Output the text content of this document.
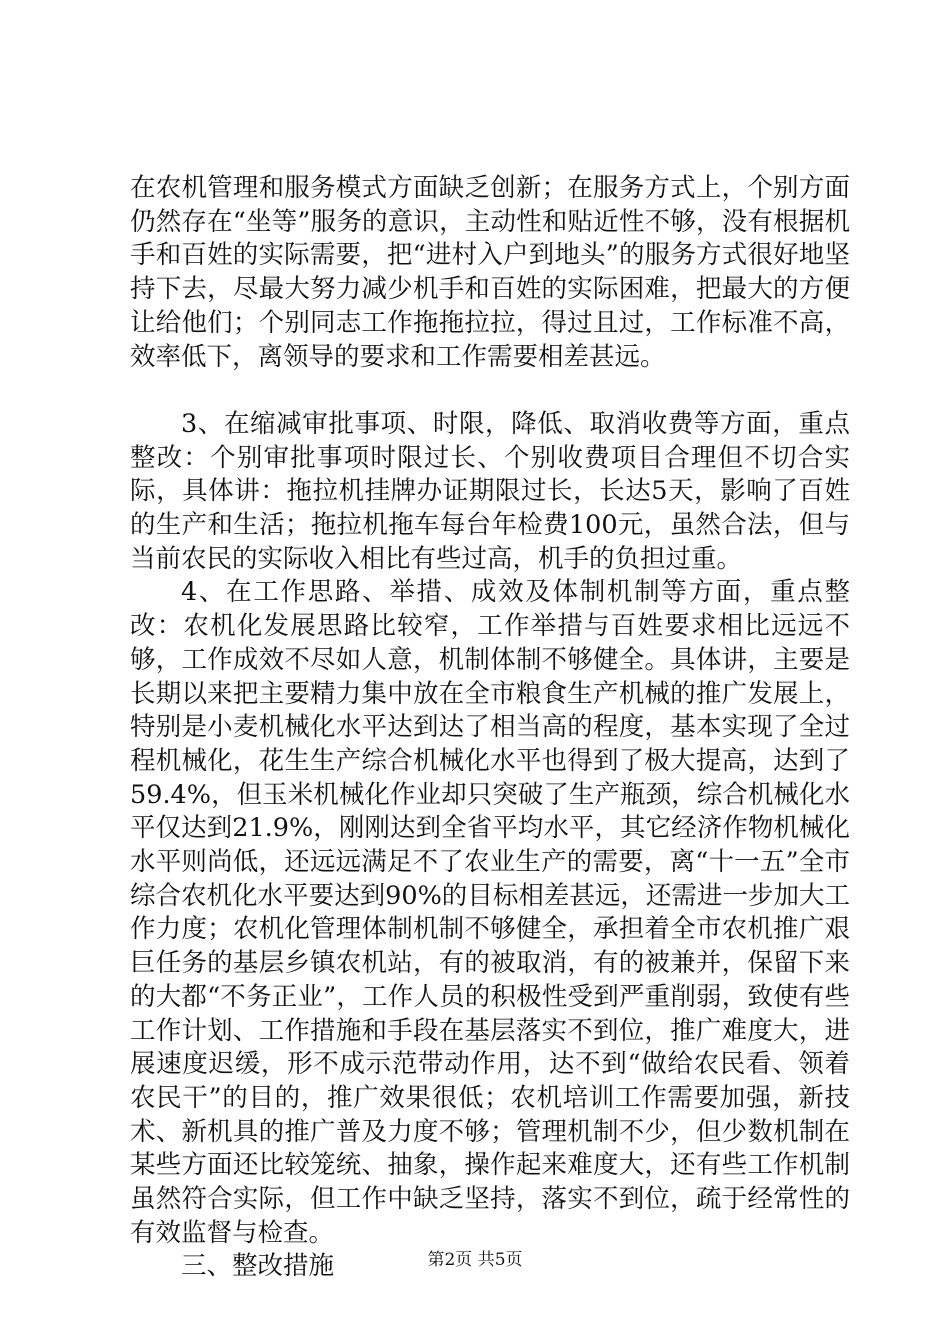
在农机管理和服务模式方面缺乏创新；在服务方式上，个别方面仍然存在“坐等”服务的意识，主动性和贴近性不够，没有根据机手和百姓的实际需要，把“进村入户到地头”的服务方式很好地坚持下去，尽最大努力减少机手和百姓的实际困难，把最大的方便让给他们；个别同志工作拖拖拉拉，得过且过，工作标准不高，效率低下，离领导的要求和工作需要相差甚远。

3、在缩减审批事项、时限，降低、取消收费等方面，重点整改：个别审批事项时限过长、个别收费项目合理但不切合实际，具体讲：拖拉机挂牌办证期限过长，长达5天，影响了百姓的生产和生活；拖拉机拖车每台年检费100元，虽然合法，但与当前农民的实际收入相比有些过高，机手的负担过重。

4、在工作思路、举措、成效及体制机制等方面，重点整改：农机化发展思路比较窄，工作举措与百姓要求相比远远不够，工作成效不尽如人意，机制体制不够健全。具体讲，主要是长期以来把主要精力集中放在全市粮食生产机械的推广发展上，特别是小麦机械化水平达到达了相当高的程度，基本实现了全过程机械化，花生生产综合机械化水平也得到了极大提高，达到了59.4%，但玉米机械化作业却只突破了生产瓶颈，综合机械化水平仅达到21.9%，刚刚达到全省平均水平，其它经济作物机械化水平则尚低，还远远满足不了农业生产的需要，离“十一五”全市综合农机化水平要达到90%的目标相差甚远，还需进一步加大工作力度；农机化管理体制机制不够健全，承担着全市农机推广艰巨任务的基层乡镇农机站，有的被取消，有的被兼并，保留下来的大都“不务正业”，工作人员的积极性受到严重削弱，致使有些工作计划、工作措施和手段在基层落实不到位，推广难度大，进展速度迟缓，形不成示范带动作用，达不到“做给农民看、领着农民干”的目的，推广效果很低；农机培训工作需要加强，新技术、新机具的推广普及力度不够；管理机制不少，但少数机制在某些方面还比较笼统、抽象，操作起来难度大，还有些工作机制虽然符合实际，但工作中缺乏坚持，落实不到位，疏于经常性的有效监督与检查。

三、整改措施	第2页 共5页
